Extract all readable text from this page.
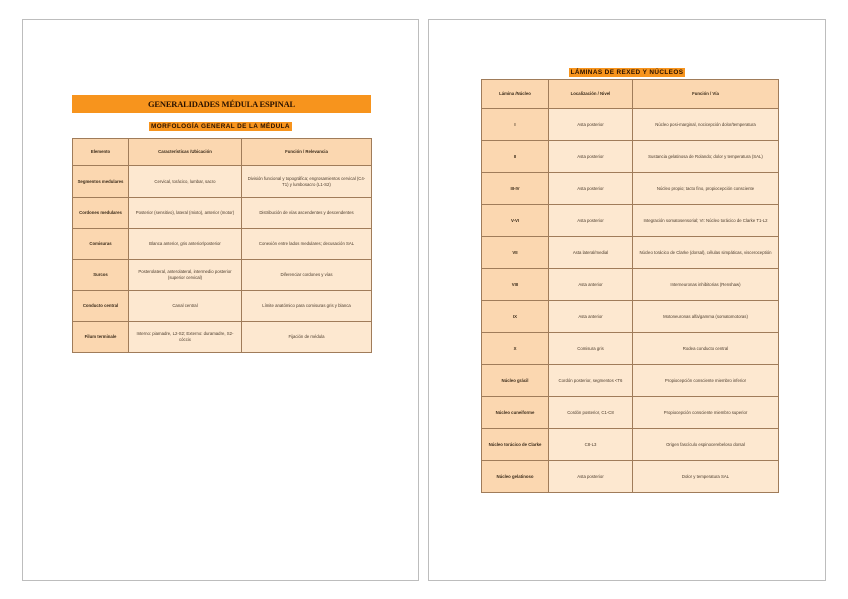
GENERALIDADES MÉDULA ESPINAL
MORFOLOGÍA GENERAL DE LA MÉDULA
Elemento	Características /Ubicación	Función / Relevancia
Segmentos medulares	Cervical, torácico, lumbar, sacro	División funcional y topográfica; engrosamientos cervical (C4-T1) y lumbosacro (L1-S2)
Cordones medulares	Posterior (sensitivo), lateral (mixto), anterior (motor)	Distribución de vías ascendentes y descendentes
Comisuras	Blanca anterior, gris anterior/posterior	Conexión entre lados medulares; decusación SAL
Surcos	Posterolateral, anterolateral, intermedio posterior (superior cervical)	Diferenciar cordones y vías
Conducto central	Canal central	Límite anatómico para comisuras gris y blanca
Filum terminale	Interno: piamadre, L2-S2; Externo: duramadre, S2-cóccix	Fijación de médula
LÁMINAS DE REXED Y NÚCLEOS
Lámina /Núcleo	Localización / Nivel	Función / Vía
I	Asta posterior	Núcleo posi-marginal, nocicepción dolor/temperatura
II	Asta posterior	Sustancia gelatinosa de Rolando; dolor y temperatura (SAL)
III-IV	Asta posterior	Núcleo propio; tacto fino, propiocepción consciente
V-VI	Asta posterior	Integración somatosensorial; VI: Núcleo torácico de Clarke T1-L2
VII	Asta lateral/medial	Núcleo torácico de Clarke (dorsal), células simpáticas, visceroceptión
VIII	Asta anterior	Interneuronas inhibitorias (Renshaw)
IX	Asta anterior	Motoneuronas alfa/gamma (somatomotoras)
X	Comisura gris	Rodea conducto central
Núcleo grácil	Cordón posterior, segmentos <T6	Propiocepción consciente miembro inferior
Núcleo cuneiforme	Cordón posterior, C1-C8	Propiocepción consciente miembro superior
Núcleo torácico de Clarke	C8-L3	Origen fascículo espinocerebeloso dorsal
Núcleo gelatinoso	Asta posterior	Dolor y temperatura SAL
